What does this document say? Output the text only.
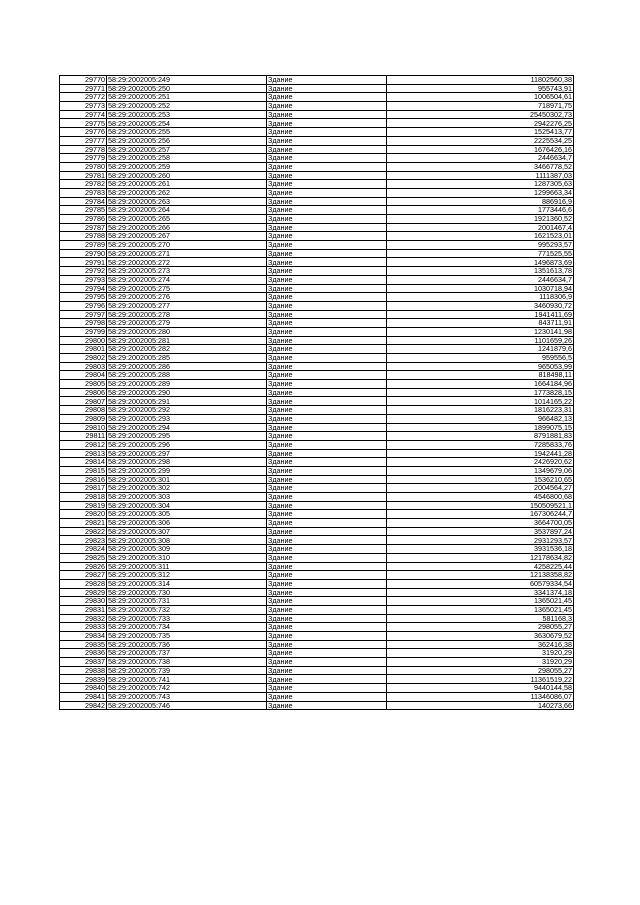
29770	58:29:2002005:249	Здание	11802560,38
29771	58:29:2002005:250	Здание	955743,91
29772	58:29:2002005:251	Здание	1006504,61
29773	58:29:2002005:252	Здание	718971,75
29774	58:29:2002005:253	Здание	25450302,73
29775	58:29:2002005:254	Здание	2942276,25
29776	58:29:2002005:255	Здание	1525413,77
29777	58:29:2002005:256	Здание	2225534,25
29778	58:29:2002005:257	Здание	1676426,16
29779	58:29:2002005:258	Здание	2446634,7
29780	58:29:2002005:259	Здание	3466778,52
29781	58:29:2002005:260	Здание	1111387,03
29782	58:29:2002005:261	Здание	1287305,63
29783	58:29:2002005:262	Здание	1299663,34
29784	58:29:2002005:263	Здание	886916,9
29785	58:29:2002005:264	Здание	1773446,6
29786	58:29:2002005:265	Здание	1921360,52
29787	58:29:2002005:266	Здание	2001467,4
29788	58:29:2002005:267	Здание	1621523,01
29789	58:29:2002005:270	Здание	995293,57
29790	58:29:2002005:271	Здание	771525,55
29791	58:29:2002005:272	Здание	1496873,69
29792	58:29:2002005:273	Здание	1351613,78
29793	58:29:2002005:274	Здание	2446634,7
29794	58:29:2002005:275	Здание	1030718,94
29795	58:29:2002005:276	Здание	1118306,9
29796	58:29:2002005:277	Здание	3460930,72
29797	58:29:2002005:278	Здание	1941411,69
29798	58:29:2002005:279	Здание	843711,91
29799	58:29:2002005:280	Здание	1230141,98
29800	58:29:2002005:281	Здание	1101659,26
29801	58:29:2002005:282	Здание	1241879,6
29802	58:29:2002005:285	Здание	959556,5
29803	58:29:2002005:286	Здание	965053,99
29804	58:29:2002005:288	Здание	818498,11
29805	58:29:2002005:289	Здание	1664184,96
29806	58:29:2002005:290	Здание	1773828,15
29807	58:29:2002005:291	Здание	1014165,22
29808	58:29:2002005:292	Здание	1816223,31
29809	58:29:2002005:293	Здание	966482,13
29810	58:29:2002005:294	Здание	1899075,15
29811	58:29:2002005:295	Здание	8791881,83
29812	58:29:2002005:296	Здание	7285833,76
29813	58:29:2002005:297	Здание	1942441,28
29814	58:29:2002005:298	Здание	2426920,62
29815	58:29:2002005:299	Здание	1349679,06
29816	58:29:2002005:301	Здание	1536210,65
29817	58:29:2002005:302	Здание	2004564,27
29818	58:29:2002005:303	Здание	4546800,68
29819	58:29:2002005:304	Здание	150509521,1
29820	58:29:2002005:305	Здание	167306244,7
29821	58:29:2002005:306	Здание	3664700,05
29822	58:29:2002005:307	Здание	3537897,24
29823	58:29:2002005:308	Здание	2931293,57
29824	58:29:2002005:309	Здание	3931536,18
29825	58:29:2002005:310	Здание	12178634,82
29826	58:29:2002005:311	Здание	4258225,44
29827	58:29:2002005:312	Здание	12138358,82
29828	58:29:2002005:314	Здание	60579334,54
29829	58:29:2002005:730	Здание	3341374,18
29830	58:29:2002005:731	Здание	1365021,45
29831	58:29:2002005:732	Здание	1365021,45
29832	58:29:2002005:733	Здание	581168,3
29833	58:29:2002005:734	Здание	298055,27
29834	58:29:2002005:735	Здание	3630679,52
29835	58:29:2002005:736	Здание	362416,38
29836	58:29:2002005:737	Здание	31920,29
29837	58:29:2002005:738	Здание	31920,29
29838	58:29:2002005:739	Здание	298055,27
29839	58:29:2002005:741	Здание	11361519,22
29840	58:29:2002005:742	Здание	9440144,58
29841	58:29:2002005:743	Здание	11346086,07
29842	58:29:2002005:746	Здание	140273,66
